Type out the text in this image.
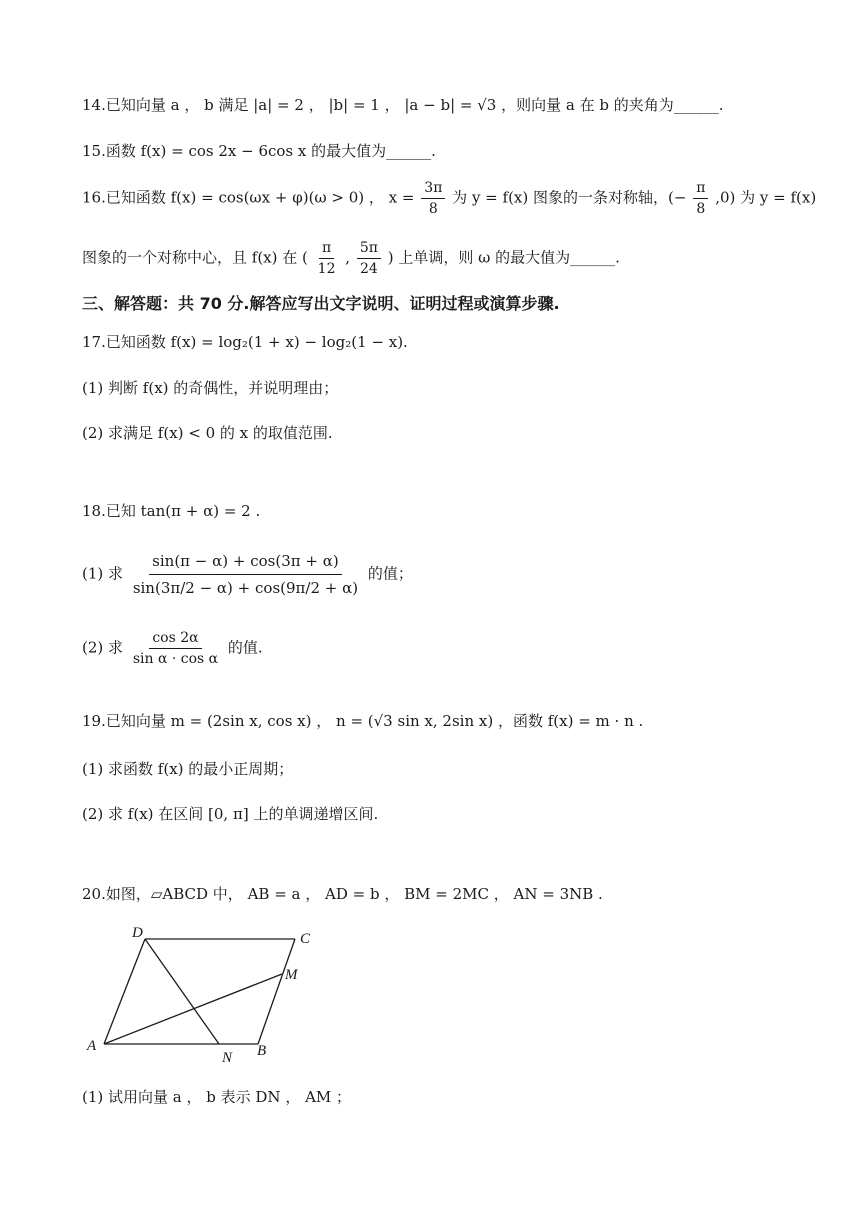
14.已知向量 a ， b 满足 |a| = 2 ， |b| = 1 ， |a − b| = √3 ，则向量 a 在 b 的夹角为______.
15.函数 f(x) = cos 2x − 6cos x 的最大值为______.
16.已知函数 f(x) = cos(ωx + φ)(ω > 0) ， $x = \frac{3\pi}{8}$ 为 y = f(x) 图象的一条对称轴，(− $\frac{\pi}{8} ,0$) 为 y = f(x)
图象的一个对称中心，且 f(x) 在 ( $\frac{\pi}{12}$ , $\frac{5\pi}{24}$ ) 上单调，则 ω 的最大值为______.
三、解答题：共 70 分.解答应写出文字说明、证明过程或演算步骤.
17.已知函数 f(x) = log₂(1 + x) − log₂(1 − x).
(1) 判断 f(x) 的奇偶性，并说明理由；
(2) 求满足 f(x) < 0 的 x 的取值范围.
18.已知 tan(π + α) = 2 .
(1) 求 $\frac{\sin(\pi - \alpha) + \cos(3\pi + \alpha)}{\sin(3\pi/2 - \alpha) + \cos(9\pi/2 + \alpha)}$ 的值；
(2) 求 $\frac{\cos 2\alpha}{\text{sin α · cos α}}$ 的值.
19.已知向量 m = (2sin x, cos x) ， n = (√3 sin x, 2sin x) ，函数 f(x) = m · n .
(1) 求函数 f(x) 的最小正周期；
(2) 求 f(x) 在区间 [0, π] 上的单调递增区间.
20.如图，▱ABCD 中， AB = a ， AD = b ， BM = 2MC ， AN = 3NB .
D	C
M
A
N B
(1) 试用向量 a ， b 表示 DN ， AM ；
